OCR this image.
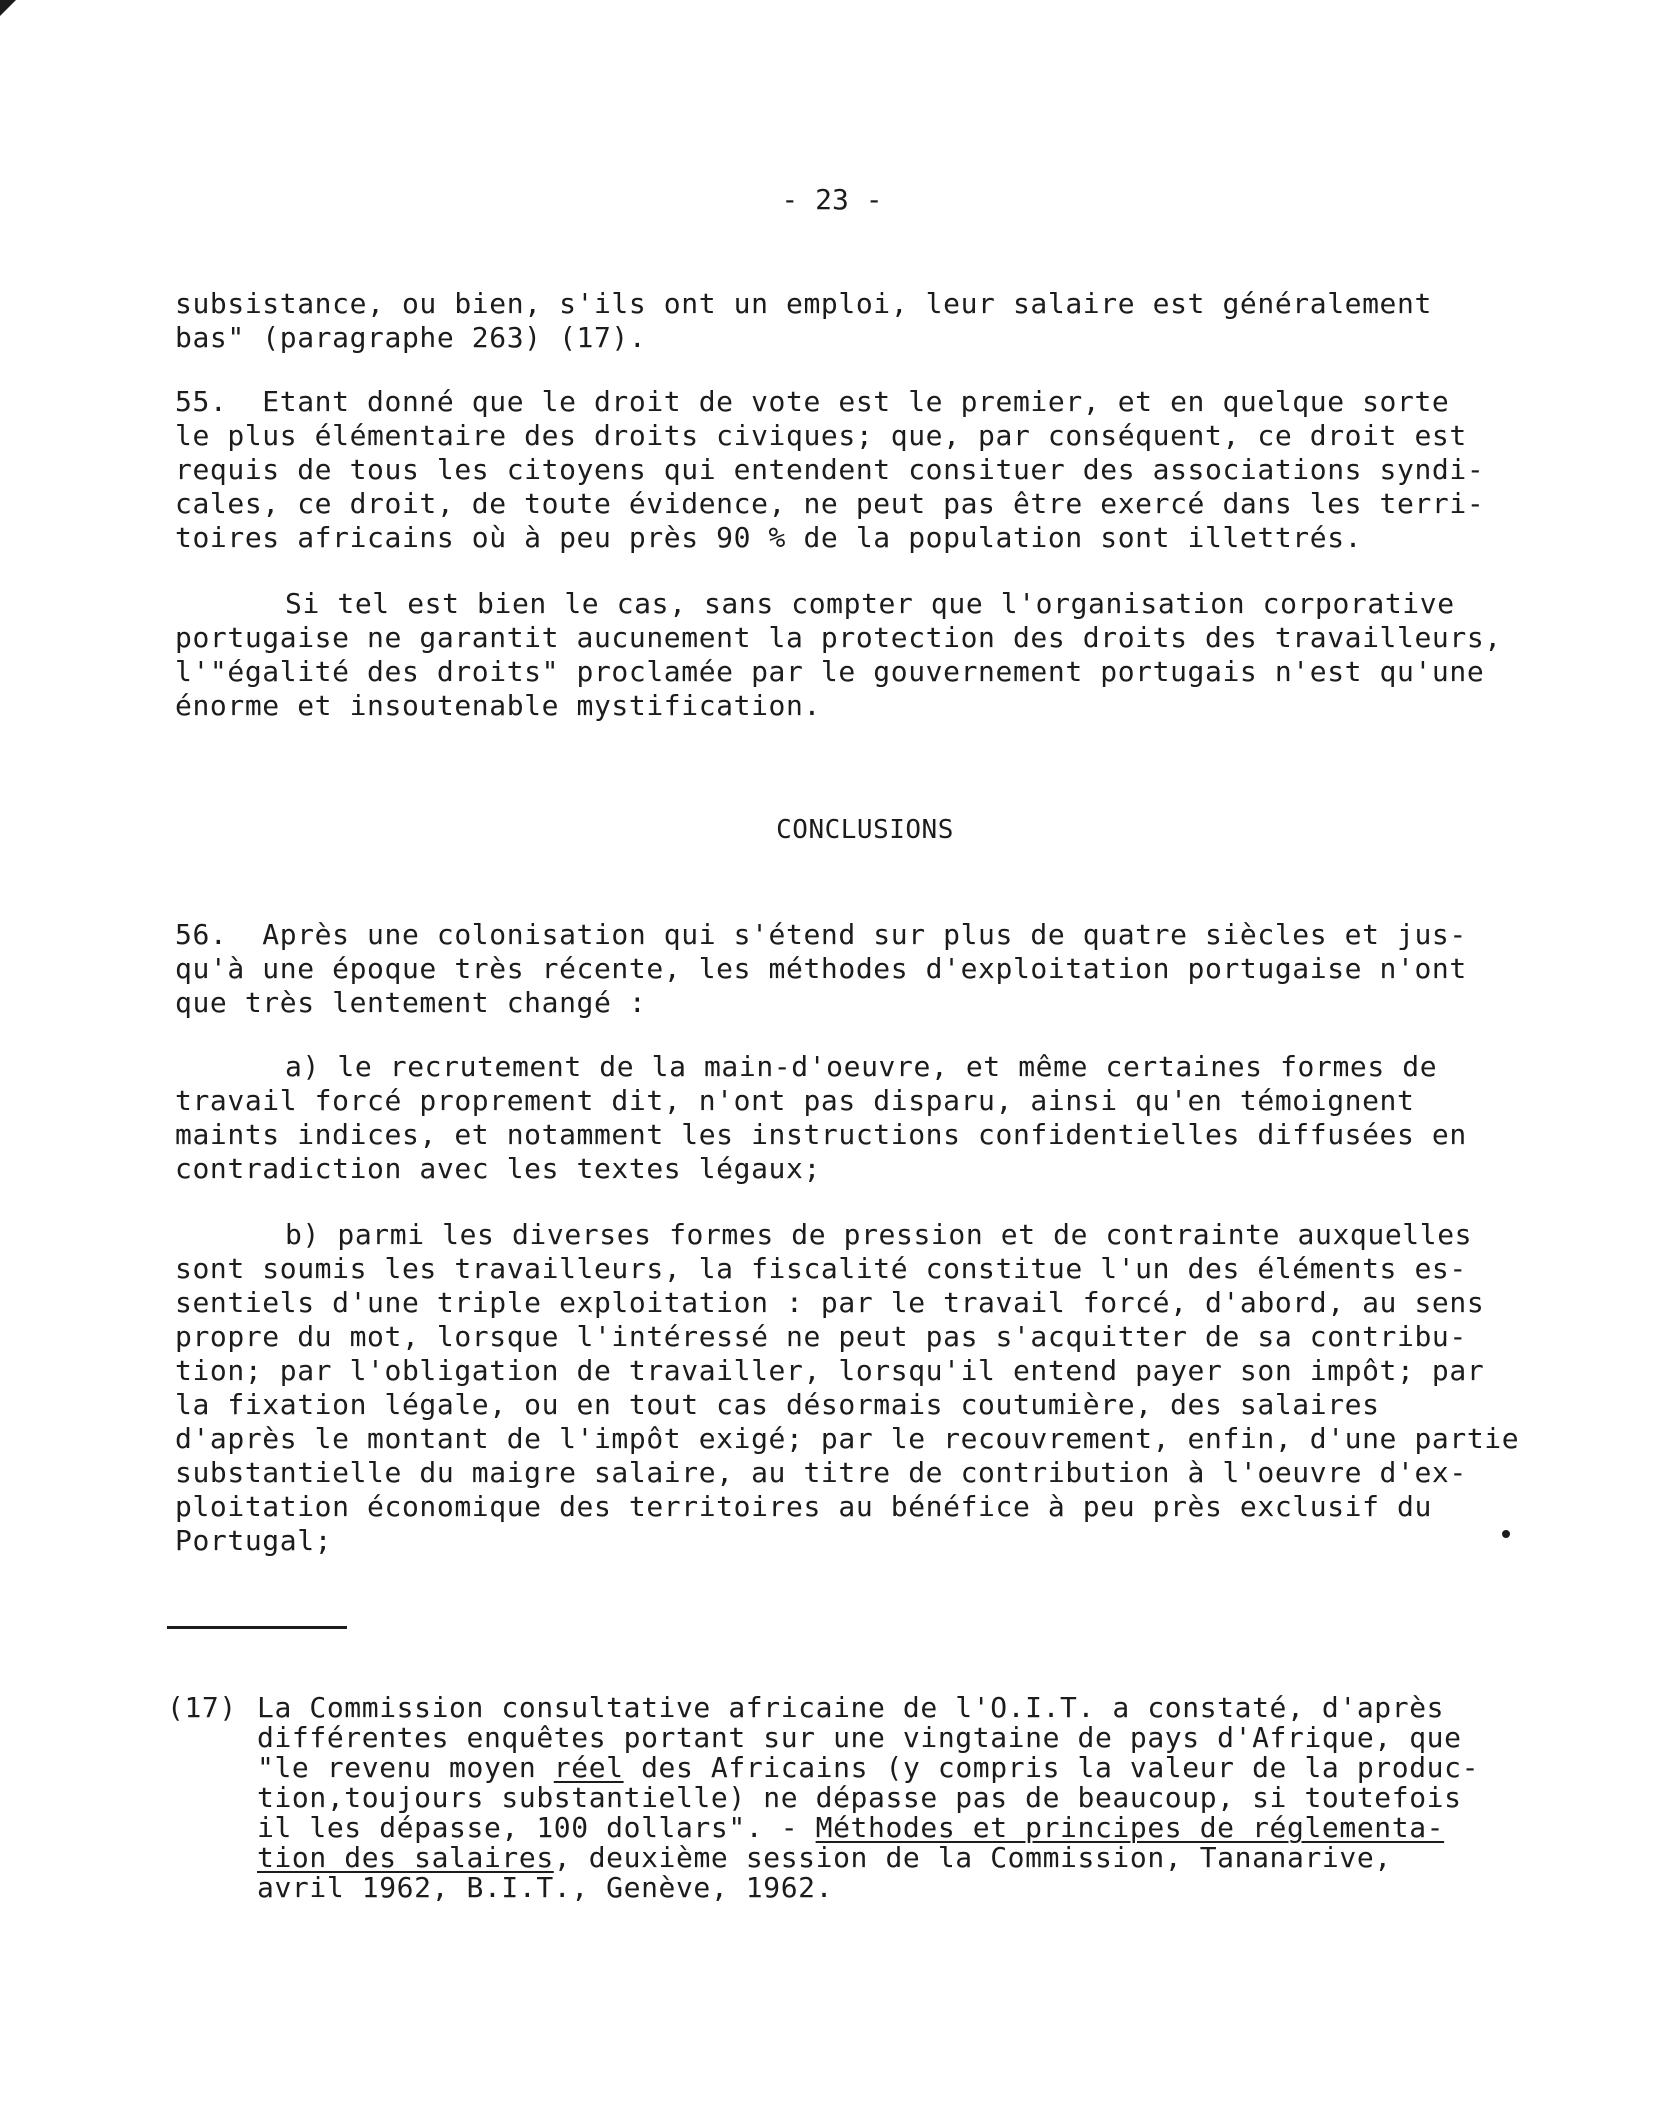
- 23 -
subsistance, ou bien, s'ils ont un emploi, leur salaire est généralement
bas" (paragraphe 263) (17).
55.  Etant donné que le droit de vote est le premier, et en quelque sorte
le plus élémentaire des droits civiques; que, par conséquent, ce droit est
requis de tous les citoyens qui entendent consituer des associations syndi-
cales, ce droit, de toute évidence, ne peut pas être exercé dans les terri-
toires africains où à peu près 90 % de la population sont illettrés.
Si tel est bien le cas, sans compter que l'organisation corporative
portugaise ne garantit aucunement la protection des droits des travailleurs,
l'"égalité des droits" proclamée par le gouvernement portugais n'est qu'une
énorme et insoutenable mystification.
CONCLUSIONS
56.  Après une colonisation qui s'étend sur plus de quatre siècles et jus-
qu'à une époque très récente, les méthodes d'exploitation portugaise n'ont
que très lentement changé :
a) le recrutement de la main-d'oeuvre, et même certaines formes de
travail forcé proprement dit, n'ont pas disparu, ainsi qu'en témoignent
maints indices, et notamment les instructions confidentielles diffusées en
contradiction avec les textes légaux;
b) parmi les diverses formes de pression et de contrainte auxquelles
sont soumis les travailleurs, la fiscalité constitue l'un des éléments es-
sentiels d'une triple exploitation : par le travail forcé, d'abord, au sens
propre du mot, lorsque l'intéressé ne peut pas s'acquitter de sa contribu-
tion; par l'obligation de travailler, lorsqu'il entend payer son impôt; par
la fixation légale, ou en tout cas désormais coutumière, des salaires
d'après le montant de l'impôt exigé; par le recouvrement, enfin, d'une partie
substantielle du maigre salaire, au titre de contribution à l'oeuvre d'ex-
ploitation économique des territoires au bénéfice à peu près exclusif du
Portugal;
(17) La Commission consultative africaine de l'O.I.T. a constaté, d'après
différentes enquêtes portant sur une vingtaine de pays d'Afrique, que
"le revenu moyen réel des Africains (y compris la valeur de la produc-
tion,toujours substantielle) ne dépasse pas de beaucoup, si toutefois
il les dépasse, 100 dollars". - Méthodes et principes de réglementa-
tion des salaires, deuxième session de la Commission, Tananarive,
avril 1962, B.I.T., Genève, 1962.
